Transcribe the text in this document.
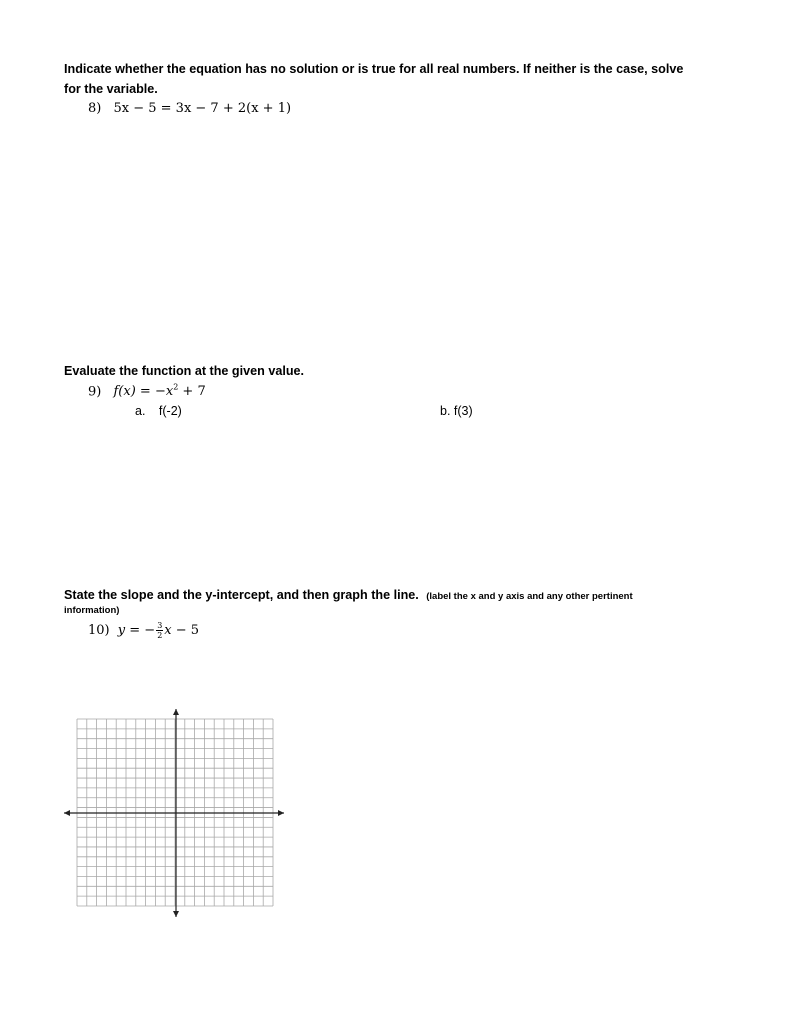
Indicate whether the equation has no solution or is true for all real numbers. If neither is the case, solve
for the variable.
8) 5x − 5 = 3x − 7 + 2(x + 1)
Evaluate the function at the given value.
9) $f(x) = -x^2 + 7$
a. f(-2)	b. f(3)
State the slope and the y-intercept, and then graph the line. (label the x and y axis and any other pertinent
information)
10) y = − $\frac{3}{2}$ x − 5
